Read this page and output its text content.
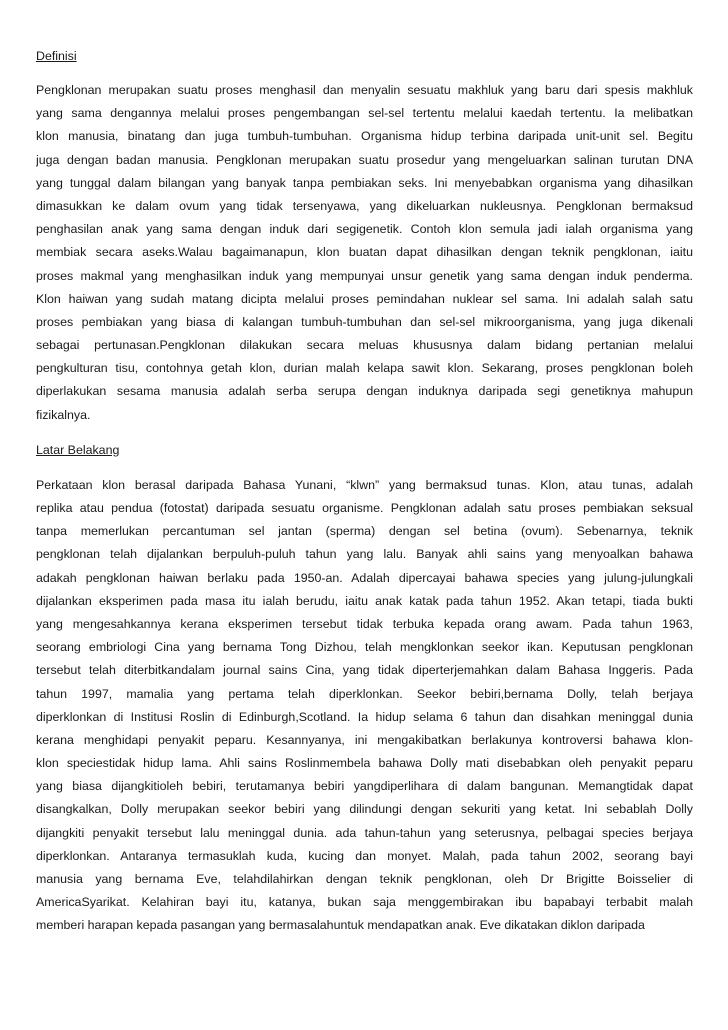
Definisi

Pengklonan merupakan suatu proses menghasil dan menyalin sesuatu makhluk yang baru dari spesis makhluk
yang sama dengannya melalui proses pengembangan sel-sel tertentu melalui kaedah tertentu. Ia melibatkan
klon manusia, binatang dan juga tumbuh-tumbuhan. Organisma hidup terbina daripada unit-unit sel. Begitu
juga dengan badan manusia. Pengklonan merupakan suatu prosedur yang mengeluarkan salinan turutan DNA
yang tunggal dalam bilangan yang banyak tanpa pembiakan seks. Ini menyebabkan organisma yang dihasilkan
dimasukkan ke dalam ovum yang tidak tersenyawa, yang dikeluarkan nukleusnya. Pengklonan bermaksud
penghasilan anak yang sama dengan induk dari segigenetik. Contoh klon semula jadi ialah organisma yang
membiak secara aseks.Walau bagaimanapun, klon buatan dapat dihasilkan dengan teknik pengklonan, iaitu
proses makmal yang menghasilkan induk yang mempunyai unsur genetik yang sama dengan induk penderma.
Klon haiwan yang sudah matang dicipta melalui proses pemindahan nuklear sel sama. Ini adalah salah satu
proses pembiakan yang biasa di kalangan tumbuh-tumbuhan dan sel-sel mikroorganisma, yang juga dikenali
sebagai pertunasan.Pengklonan dilakukan secara meluas khususnya dalam bidang pertanian melalui
pengkulturan tisu, contohnya getah klon, durian malah kelapa sawit klon. Sekarang, proses pengklonan boleh
diperlakukan sesama manusia adalah serba serupa dengan induknya daripada segi genetiknya mahupun
fizikalnya.

Latar Belakang

Perkataan klon berasal daripada Bahasa Yunani, “klwn” yang bermaksud tunas. Klon, atau tunas, adalah
replika atau pendua (fotostat) daripada sesuatu organisme. Pengklonan adalah satu proses pembiakan seksual
tanpa memerlukan percantuman sel jantan (sperma) dengan sel betina (ovum). Sebenarnya, teknik
pengklonan telah dijalankan berpuluh-puluh tahun yang lalu. Banyak ahli sains yang menyoalkan bahawa
adakah pengklonan haiwan berlaku pada 1950-an. Adalah dipercayai bahawa species yang julung-julungkali
dijalankan eksperimen pada masa itu ialah berudu, iaitu anak katak pada tahun 1952. Akan tetapi, tiada bukti
yang mengesahkannya kerana eksperimen tersebut tidak terbuka kepada orang awam. Pada tahun 1963,
seorang embriologi Cina yang bernama Tong Dizhou, telah mengklonkan seekor ikan. Keputusan pengklonan
tersebut telah diterbitkandalam journal sains Cina, yang tidak diperterjemahkan dalam Bahasa Inggeris. Pada
tahun 1997, mamalia yang pertama telah diperklonkan. Seekor bebiri,bernama Dolly, telah berjaya
diperklonkan di Institusi Roslin di Edinburgh,Scotland. Ia hidup selama 6 tahun dan disahkan meninggal dunia
kerana menghidapi penyakit peparu. Kesannyanya, ini mengakibatkan berlakunya kontroversi bahawa klon-
klon speciestidak hidup lama. Ahli sains Roslinmembela bahawa Dolly mati disebabkan oleh penyakit peparu
yang biasa dijangkitioleh bebiri, terutamanya bebiri yangdiperlihara di dalam bangunan. Memangtidak dapat
disangkalkan, Dolly merupakan seekor bebiri yang dilindungi dengan sekuriti yang ketat. Ini sebablah Dolly
dijangkiti penyakit tersebut lalu meninggal dunia. ada tahun-tahun yang seterusnya, pelbagai species berjaya
diperklonkan. Antaranya termasuklah kuda, kucing dan monyet. Malah, pada tahun 2002, seorang bayi
manusia yang bernama Eve, telahdilahirkan dengan teknik pengklonan, oleh Dr Brigitte Boisselier di
AmericaSyarikat. Kelahiran bayi itu, katanya, bukan saja menggembirakan ibu bapabayi terbabit malah
memberi harapan kepada pasangan yang bermasalahuntuk mendapatkan anak. Eve dikatakan diklon daripada
